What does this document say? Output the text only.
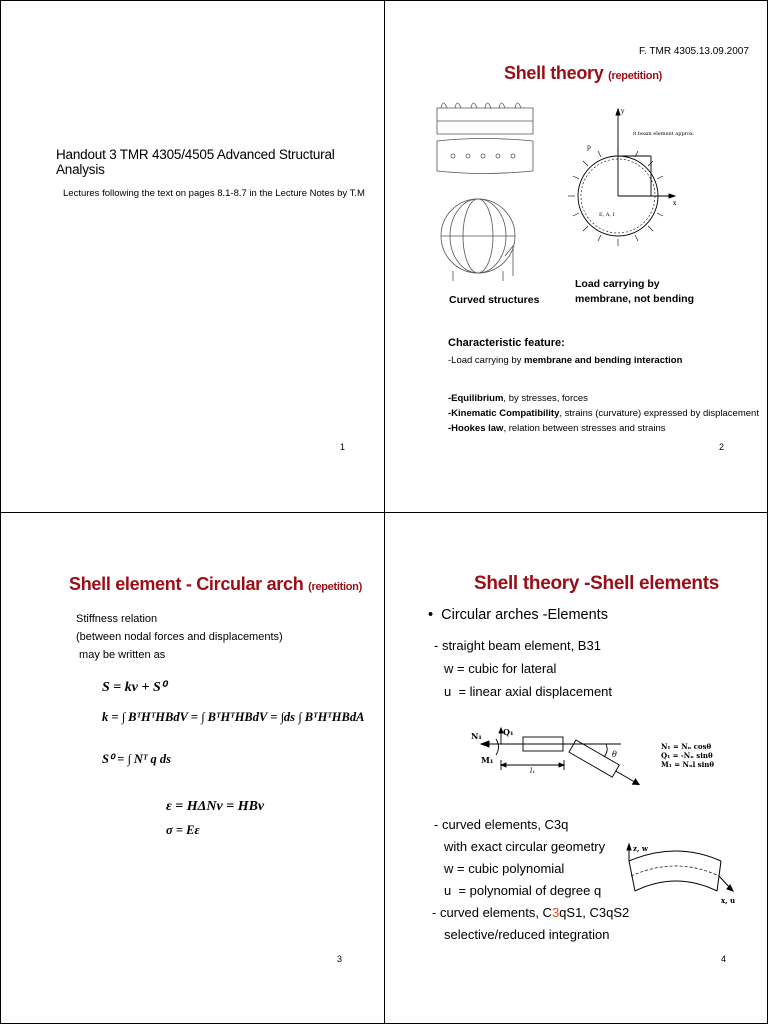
Handout 3 TMR 4305/4505 Advanced Structural Analysis
Lectures following the text on pages 8.1-8.7 in the Lecture Notes by T.M
1
F. TMR 4305.13.09.2007
Shell theory (repetition)
Curved structures
p
y
x
8 beam element approx.
E, A, I
Load carrying by
membrane, not bending
Characteristic feature:
-Load carrying by membrane and bending interaction
-Equilibrium, by stresses, forces
-Kinematic Compatibility, strains (curvature) expressed by displacement
-Hookes law, relation between stresses and strains
2
Shell element - Circular arch (repetition)
Stiffness relation
(between nodal forces and displacements)
may be written as
S = kv + S⁰
k = ∫ BᵀHᵀHBdV = ∫ BᵀHᵀHBdV = ∫ds ∫ BᵀHᵀHBdA
S⁰ = ∫ Nᵀ q ds
ε = HΔNv = HBv
σ = Eε
3
Shell theory -Shell elements
•  Circular arches -Elements
- straight beam element, B31
w = cubic for lateral
u  = linear axial displacement
N₁	Q₁
M₁
l₁
θ
N₁ = Nₙ cosθ
Q₁ = -Nₙ sinθ
M₁ = Nₙl sinθ
- curved elements, C3q
with exact circular geometry
w = cubic polynomial
u  = polynomial of degree q
- curved elements, C3qS1, C3qS2
selective/reduced integration
z, w
x, u
4
